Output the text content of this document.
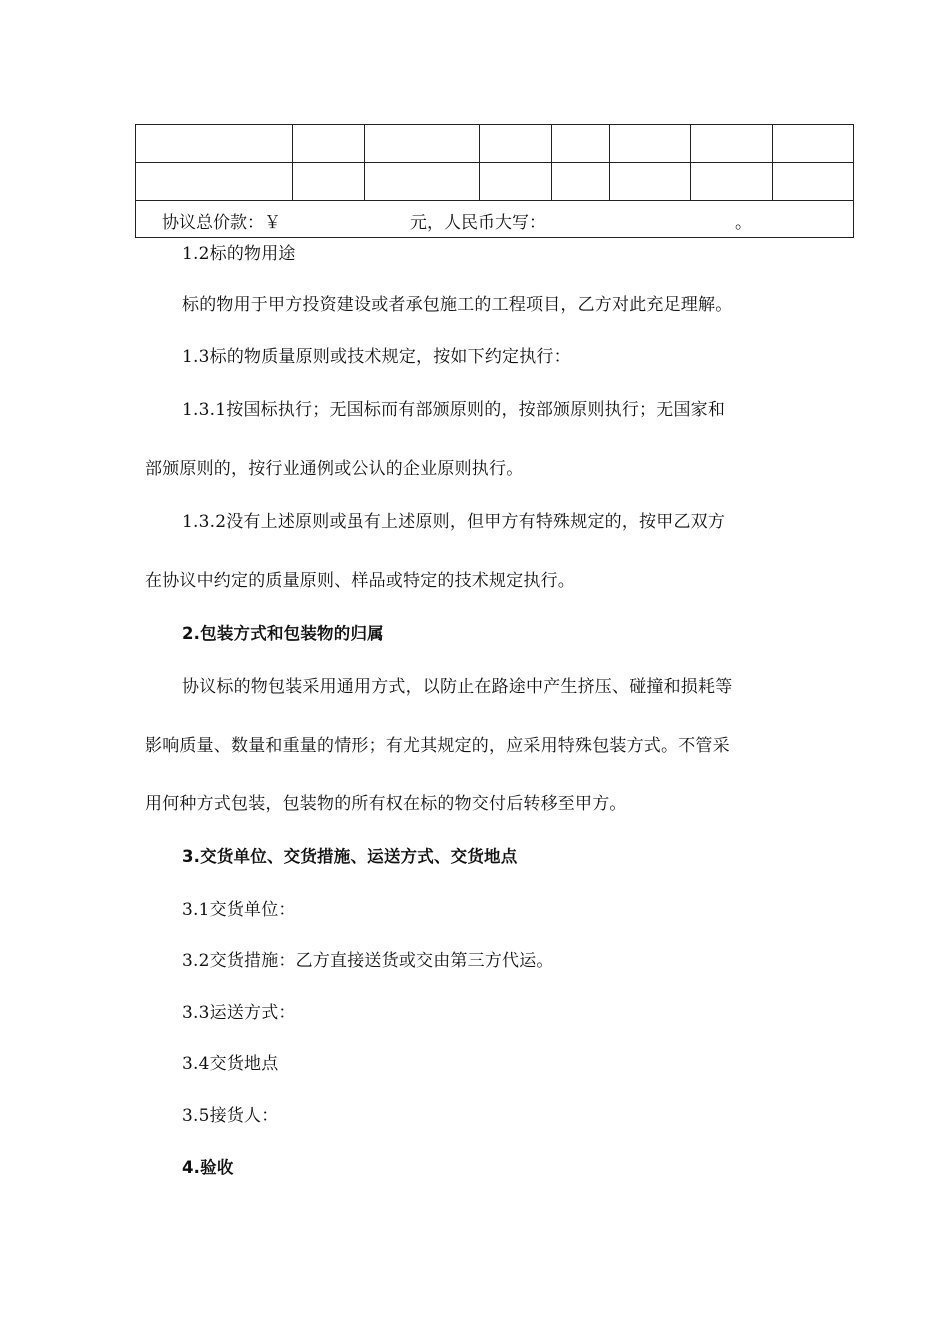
协议总价款：￥ 元，人民币大写： 。							
1.2标的物用途
标的物用于甲方投资建设或者承包施工的工程项目，乙方对此充足理解。
1.3标的物质量原则或技术规定，按如下约定执行：
1.3.1按国标执行；无国标而有部颁原则的，按部颁原则执行；无国家和
部颁原则的，按行业通例或公认的企业原则执行。
1.3.2没有上述原则或虽有上述原则，但甲方有特殊规定的，按甲乙双方
在协议中约定的质量原则、样品或特定的技术规定执行。
2.包装方式和包装物的归属
协议标的物包装采用通用方式，以防止在路途中产生挤压、碰撞和损耗等
影响质量、数量和重量的情形；有尤其规定的，应采用特殊包装方式。不管采
用何种方式包装，包装物的所有权在标的物交付后转移至甲方。
3.交货单位、交货措施、运送方式、交货地点
3.1交货单位：
3.2交货措施：乙方直接送货或交由第三方代运。
3.3运送方式：
3.4交货地点
3.5接货人：
4.验收
